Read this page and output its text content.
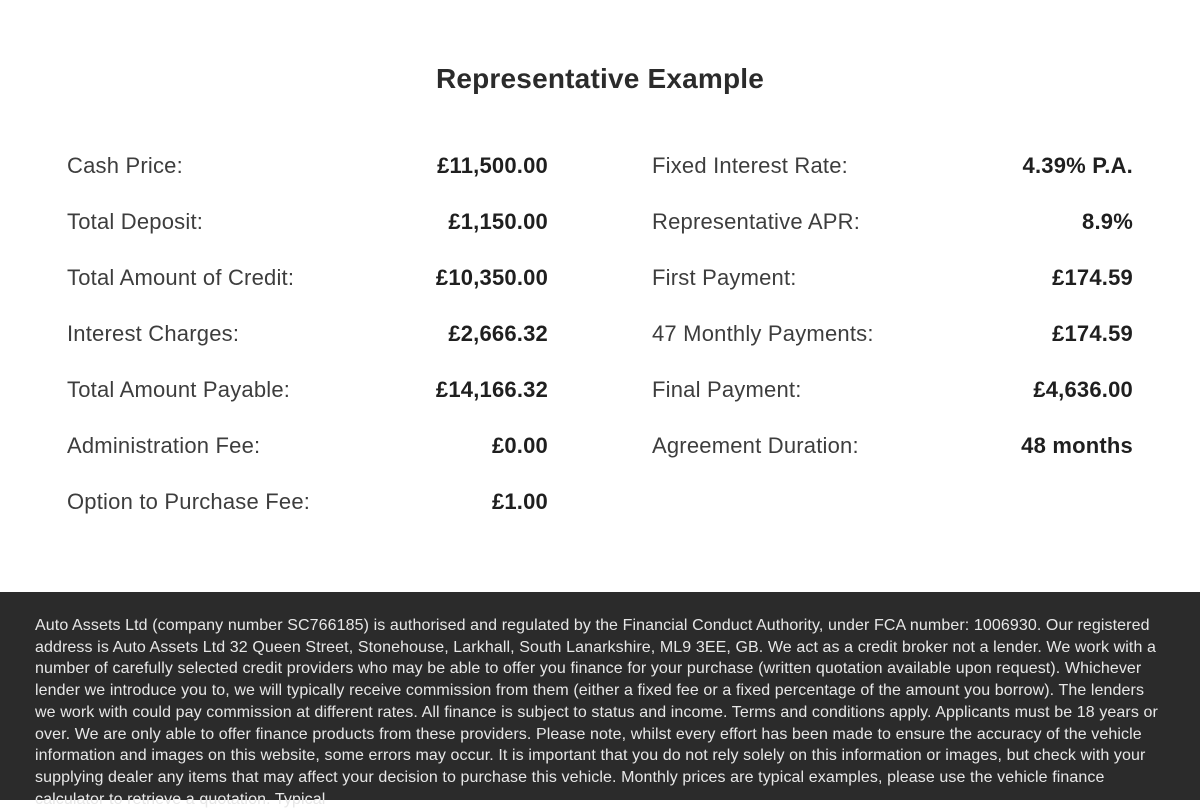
Representative Example
Cash Price:	£11,500.00
Total Deposit:	£1,150.00
Total Amount of Credit:	£10,350.00
Interest Charges:	£2,666.32
Total Amount Payable:	£14,166.32
Administration Fee:	£0.00
Option to Purchase Fee:	£1.00
Fixed Interest Rate:	4.39% P.A.
Representative APR:	8.9%
First Payment:	£174.59
47 Monthly Payments:	£174.59
Final Payment:	£4,636.00
Agreement Duration:	48 months

Auto Assets Ltd (company number SC766185) is authorised and regulated by the Financial Conduct Authority, under FCA number: 1006930. Our registered address is Auto Assets Ltd 32 Queen Street, Stonehouse, Larkhall, South Lanarkshire, ML9 3EE, GB. We act as a credit broker not a lender. We work with a number of carefully selected credit providers who may be able to offer you finance for your purchase (written quotation available upon request). Whichever lender we introduce you to, we will typically receive commission from them (either a fixed fee or a fixed percentage of the amount you borrow). The lenders we work with could pay commission at different rates. All finance is subject to status and income. Terms and conditions apply. Applicants must be 18 years or over. We are only able to offer finance products from these providers. Please note, whilst every effort has been made to ensure the accuracy of the vehicle information and images on this website, some errors may occur. It is important that you do not rely solely on this information or images, but check with your supplying dealer any items that may affect your decision to purchase this vehicle. Monthly prices are typical examples, please use the vehicle finance calculator to retrieve a quotation. Typical
